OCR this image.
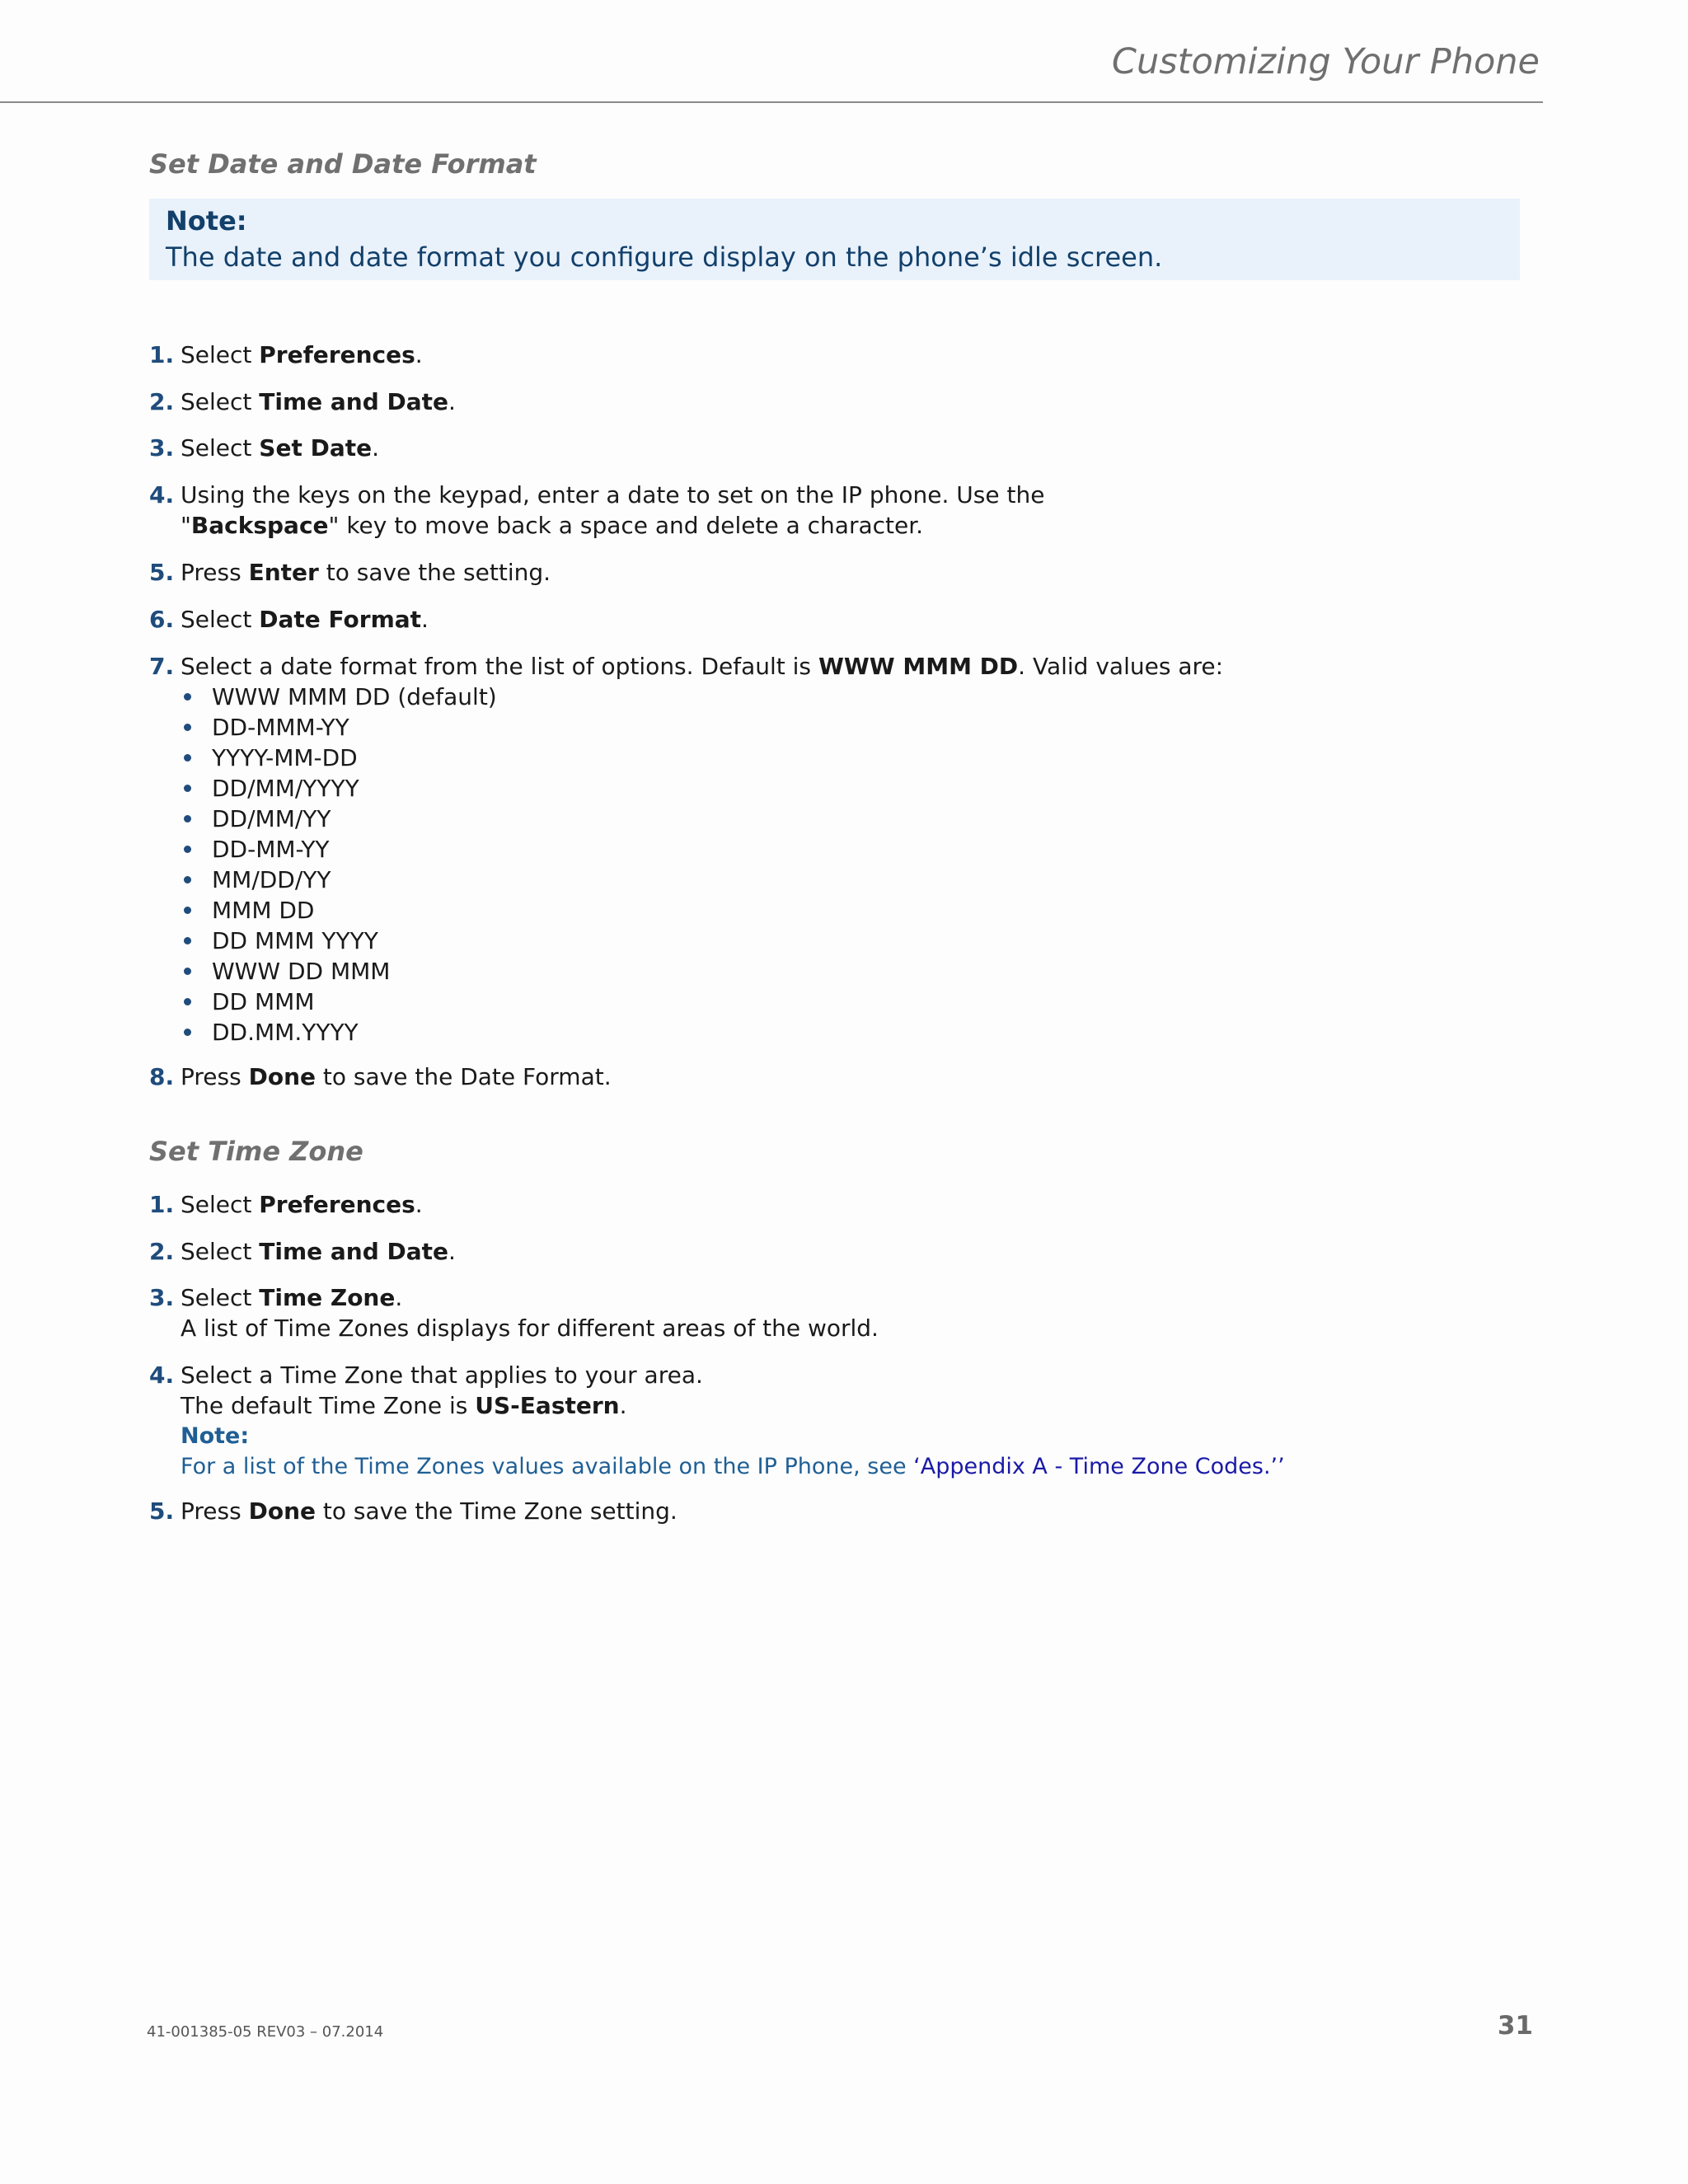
Customizing Your Phone
Set Date and Date Format
Note:
The date and date format you configure display on the phone’s idle screen.
1. Select Preferences.
2. Select Time and Date.
3. Select Set Date.
4. Using the keys on the keypad, enter a date to set on the IP phone. Use the
"Backspace" key to move back a space and delete a character.
5. Press Enter to save the setting.
6. Select Date Format.
7. Select a date format from the list of options. Default is WWW MMM DD. Valid values are:
WWW MMM DD (default)
DD-MMM-YY
YYYY-MM-DD
DD/MM/YYYY
DD/MM/YY
DD-MM-YY
MM/DD/YY
MMM DD
DD MMM YYYY
WWW DD MMM
DD MMM
DD.MM.YYYY
8. Press Done to save the Date Format.
Set Time Zone
1. Select Preferences.
2. Select Time and Date.
3. Select Time Zone.
A list of Time Zones displays for different areas of the world.
4. Select a Time Zone that applies to your area.
The default Time Zone is US-Eastern.
Note:
For a list of the Time Zones values available on the IP Phone, see ‘Appendix A - Time Zone Codes.’’
5. Press Done to save the Time Zone setting.
41-001385-05 REV03 – 07.2014	31
